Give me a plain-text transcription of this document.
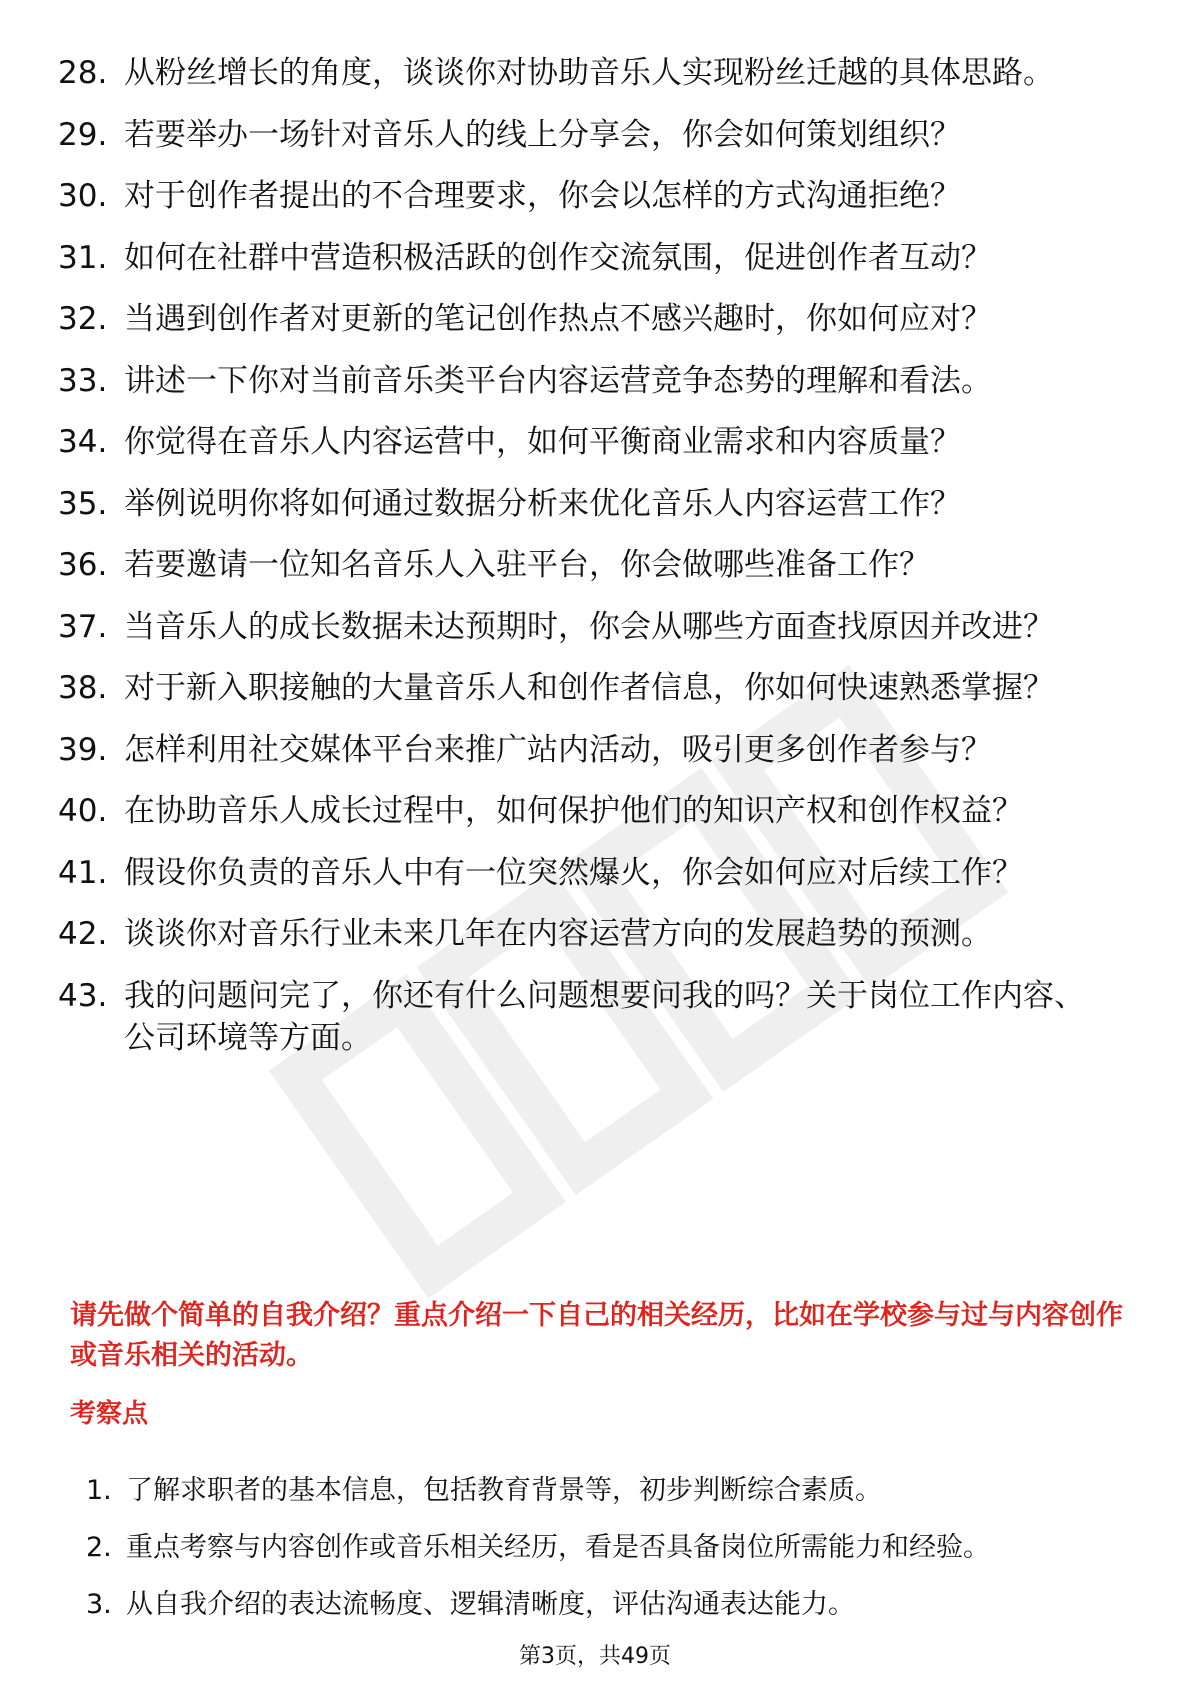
28. 从粉丝增长的角度，谈谈你对协助音乐人实现粉丝迁越的具体思路。
29. 若要举办一场针对音乐人的线上分享会，你会如何策划组织？
30. 对于创作者提出的不合理要求，你会以怎样的方式沟通拒绝？
31. 如何在社群中营造积极活跃的创作交流氛围，促进创作者互动？
32. 当遇到创作者对更新的笔记创作热点不感兴趣时，你如何应对？
33. 讲述一下你对当前音乐类平台内容运营竞争态势的理解和看法。
34. 你觉得在音乐人内容运营中，如何平衡商业需求和内容质量？
35. 举例说明你将如何通过数据分析来优化音乐人内容运营工作？
36. 若要邀请一位知名音乐人入驻平台，你会做哪些准备工作？
37. 当音乐人的成长数据未达预期时，你会从哪些方面查找原因并改进？
38. 对于新入职接触的大量音乐人和创作者信息，你如何快速熟悉掌握？
39. 怎样利用社交媒体平台来推广站内活动，吸引更多创作者参与？
40. 在协助音乐人成长过程中，如何保护他们的知识产权和创作权益？
41. 假设你负责的音乐人中有一位突然爆火，你会如何应对后续工作？
42. 谈谈你对音乐行业未来几年在内容运营方向的发展趋势的预测。
43. 我的问题问完了，你还有什么问题想要问我的吗？关于岗位工作内容、公司环境等方面。

请先做个简单的自我介绍？重点介绍一下自己的相关经历，比如在学校参与过与内容创作或音乐相关的活动。

考察点

1. 了解求职者的基本信息，包括教育背景等，初步判断综合素质。
2. 重点考察与内容创作或音乐相关经历，看是否具备岗位所需能力和经验。
3. 从自我介绍的表达流畅度、逻辑清晰度，评估沟通表达能力。
第3页，共49页
